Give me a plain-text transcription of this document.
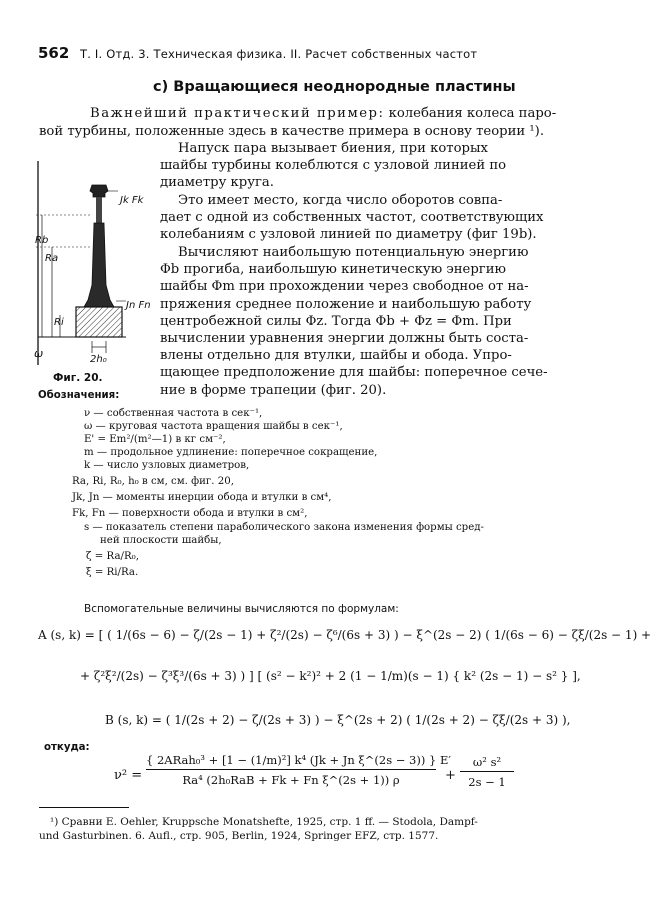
562 Т. I. Отд. 3. Техническая физика. II. Расчет собственных частот
с) Вращающиеся неоднородные пластины
Важнейший практический пример: колебания колеса паро-
вой турбины, положенные здесь в качестве примера в основу теории ¹).
Jk Fk
Jn Fn
Rb
Ra
Ri
ω	2h₀
Фиг. 20.
Напуск пара вызывает биения, при которых
шайбы турбины колеблются с узловой линией по
диаметру круга.
Это имеет место, когда число оборотов совпа-
дает с одной из собственных частот, соответствующих
колебаниям с узловой линией по диаметру (фиг 19b).
Вычисляют наибольшую потенциальную энергию
Φb прогиба, наибольшую кинетическую энергию
шайбы Φm при прохождении через свободное от на-
пряжения среднее положение и наибольшую работу
центробежной силы Φz. Тогда Φb + Φz = Φm. При
вычислении уравнения энергии должны быть соста-
влены отдельно для втулки, шайбы и обода. Упро-
щающее предположение для шайбы: поперечное сече-
ние в форме трапеции (фиг. 20).
Обозначения:
ν — собственная частота в сек⁻¹,
ω — круговая частота вращения шайбы в сек⁻¹,
E' = Em²/(m²—1) в кг см⁻²,
m — продольное удлинение: поперечное сокращение,
k — число узловых диаметров,
Ra, Ri, R₀, h₀ в см, см. фиг. 20,
Jk, Jn — моменты инерции обода и втулки в см⁴,
Fk, Fn — поверхности обода и втулки в см²,
s — показатель степени параболического закона изменения формы сред-
ней плоскости шайбы,
ζ = Ra/R₀,
ξ = Ri/Ra.
Вспомогательные величины вычисляются по формулам:
A (s, k) = [ ( 1/(6s − 6) − ζ/(2s − 1) + ζ²/(2s) − ζ⁶/(6s + 3) ) − ξ^(2s − 2) ( 1/(6s − 6) − ζξ/(2s − 1) +
+ ζ²ξ²/(2s) − ζ³ξ³/(6s + 3) ) ] [ (s² − k²)² + 2 (1 − 1/m)(s − 1) { k² (2s − 1) − s² } ],
B (s, k) = ( 1/(2s + 2) − ζ/(2s + 3) ) − ξ^(2s + 2) ( 1/(2s + 2) − ζξ/(2s + 3) ),
откуда:
ν² =
{ 2ARah₀³ + [1 − (1/m)²] k⁴ (Jk + Jn ξ^(2s − 3)) } E′
Ra⁴ (2h₀RaB + Fk + Fn ξ^(2s + 1)) ρ	+ $\frac{\text{ω² s²}}{2s - 1}$
¹) Сравни E. Oehler, Kruppsche Monatshefte, 1925, стр. 1 ff. — Stodola, Dampf-
und Gasturbinen. 6. Aufl., стр. 905, Berlin, 1924, Springer EFZ, стр. 1577.
